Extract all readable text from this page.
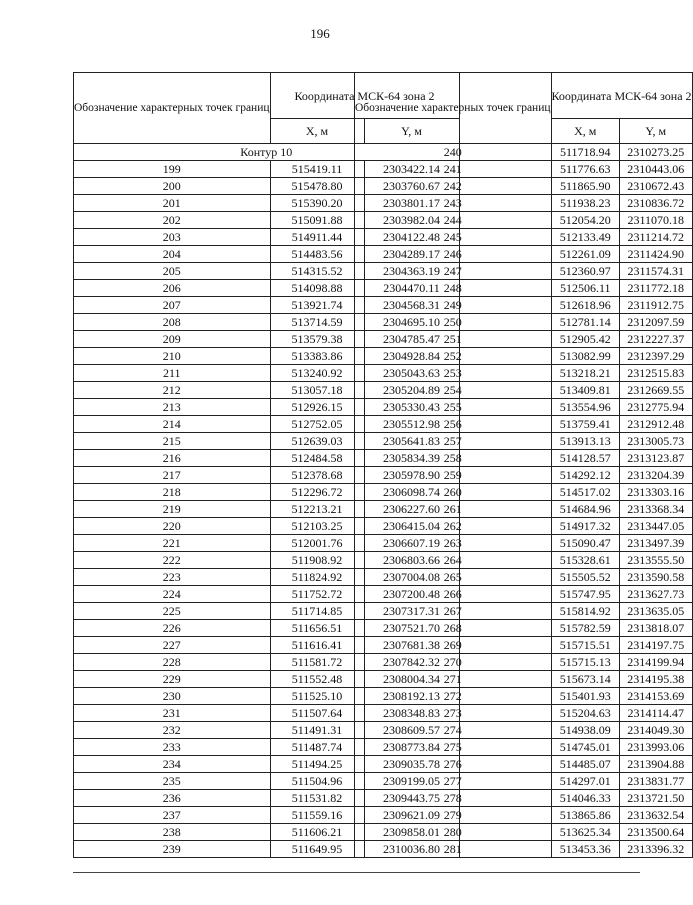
196
Обозначение характерных точек границ	Координата МСК-64 зона 2	
	X, м	Y, м
Контур 10		
199	515419.11	2303422.14
200	515478.80	2303760.67
201	515390.20	2303801.17
202	515091.88	2303982.04
203	514911.44	2304122.48
204	514483.56	2304289.17
205	514315.52	2304363.19
206	514098.88	2304470.11
207	513921.74	2304568.31
208	513714.59	2304695.10
209	513579.38	2304785.47
210	513383.86	2304928.84
211	513240.92	2305043.63
212	513057.18	2305204.89
213	512926.15	2305330.43
214	512752.05	2305512.98
215	512639.03	2305641.83
216	512484.58	2305834.39
217	512378.68	2305978.90
218	512296.72	2306098.74
219	512213.21	2306227.60
220	512103.25	2306415.04
221	512001.76	2306607.19
222	511908.92	2306803.66
223	511824.92	2307004.08
224	511752.72	2307200.48
225	511714.85	2307317.31
226	511656.51	2307521.70
227	511616.41	2307681.38
228	511581.72	2307842.32
229	511552.48	2308004.34
230	511525.10	2308192.13
231	511507.64	2308348.83
232	511491.31	2308609.57
233	511487.74	2308773.84
234	511494.25	2309035.78
235	511504.96	2309199.05
236	511531.82	2309443.75
237	511559.16	2309621.09
238	511606.21	2309858.01
239	511649.95	2310036.80
Обозначение характерных точек границ	Координата МСК-64 зона 2	
	X, м	Y, м
240	511718.94	2310273.25
241	511776.63	2310443.06
242	511865.90	2310672.43
243	511938.23	2310836.72
244	512054.20	2311070.18
245	512133.49	2311214.72
246	512261.09	2311424.90
247	512360.97	2311574.31
248	512506.11	2311772.18
249	512618.96	2311912.75
250	512781.14	2312097.59
251	512905.42	2312227.37
252	513082.99	2312397.29
253	513218.21	2312515.83
254	513409.81	2312669.55
255	513554.96	2312775.94
256	513759.41	2312912.48
257	513913.13	2313005.73
258	514128.57	2313123.87
259	514292.12	2313204.39
260	514517.02	2313303.16
261	514684.96	2313368.34
262	514917.32	2313447.05
263	515090.47	2313497.39
264	515328.61	2313555.50
265	515505.52	2313590.58
266	515747.95	2313627.73
267	515814.92	2313635.05
268	515782.59	2313818.07
269	515715.51	2314197.75
270	515715.13	2314199.94
271	515673.14	2314195.38
272	515401.93	2314153.69
273	515204.63	2314114.47
274	514938.09	2314049.30
275	514745.01	2313993.06
276	514485.07	2313904.88
277	514297.01	2313831.77
278	514046.33	2313721.50
279	513865.86	2313632.54
280	513625.34	2313500.64
281	513453.36	2313396.32
